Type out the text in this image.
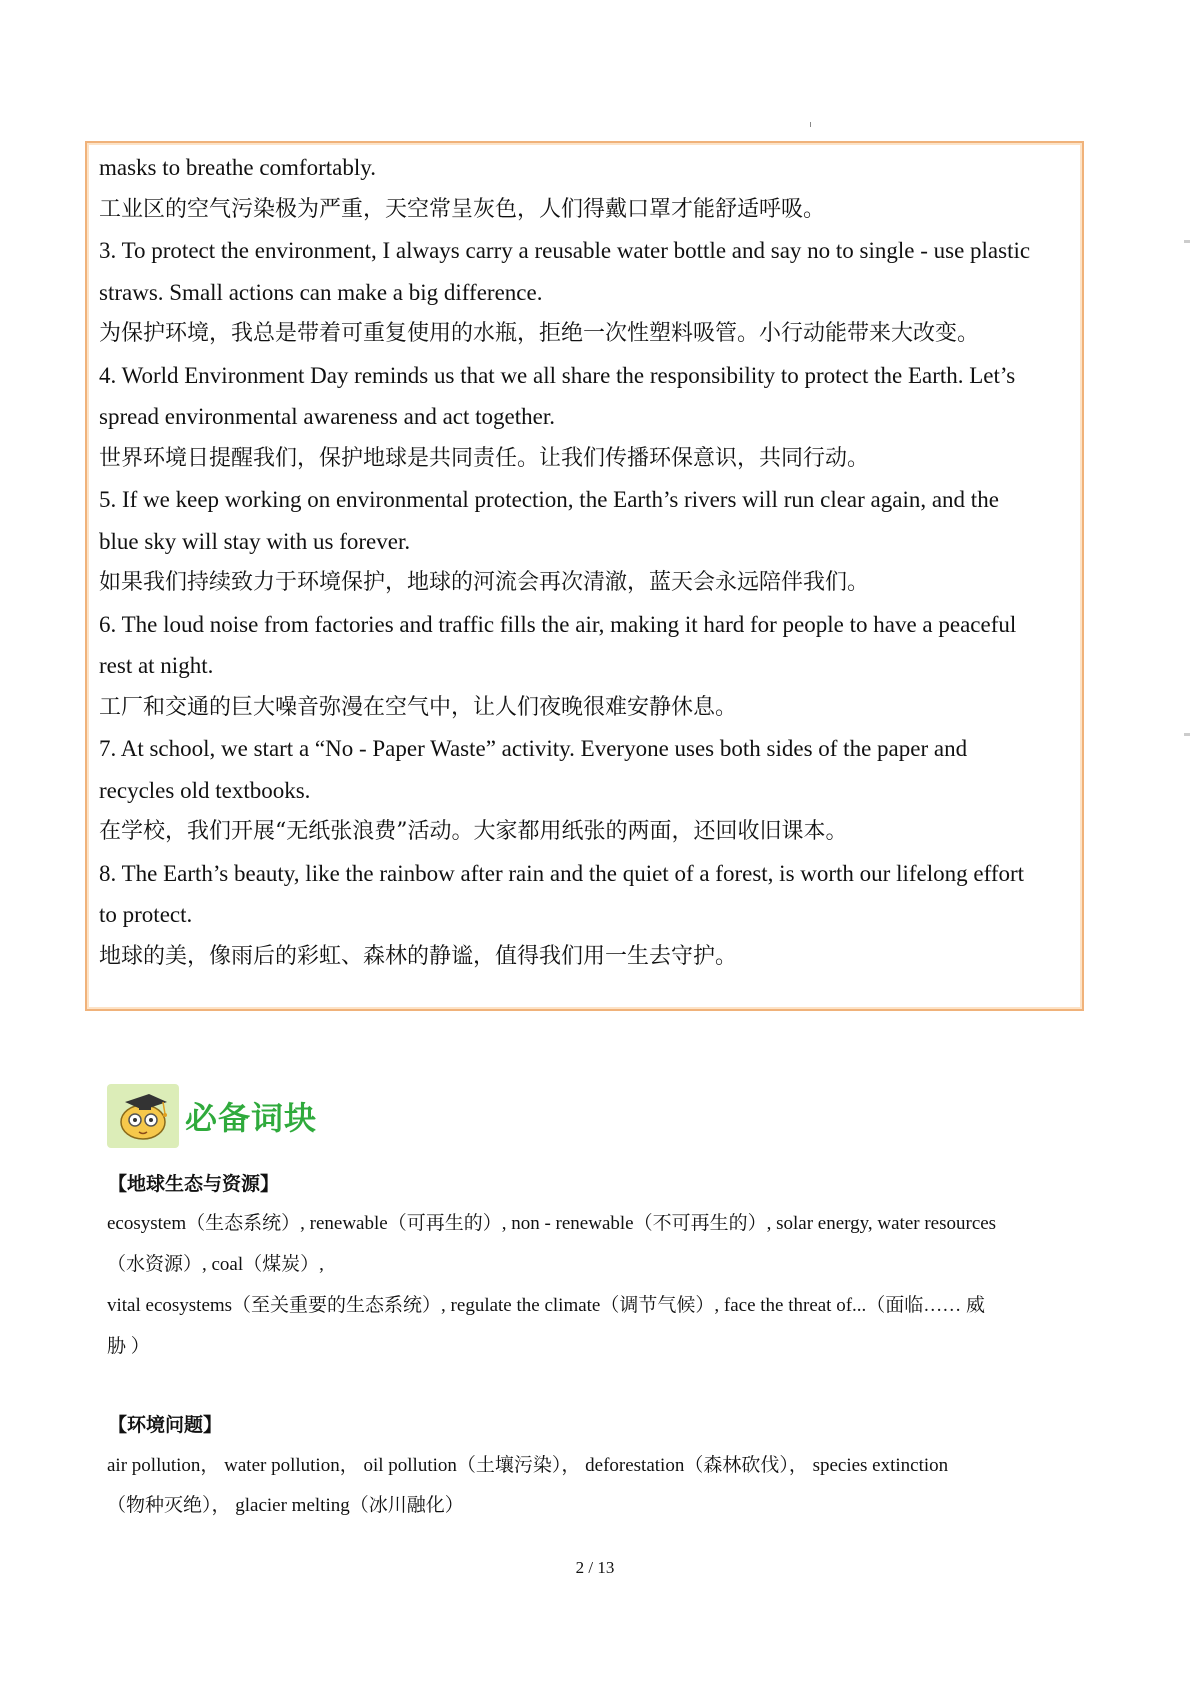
masks to breathe comfortably.
工业区的空气污染极为严重，天空常呈灰色，人们得戴口罩才能舒适呼吸。
3. To protect the environment, I always carry a reusable water bottle and say no to single - use plastic
straws. Small actions can make a big difference.
为保护环境，我总是带着可重复使用的水瓶，拒绝一次性塑料吸管。小行动能带来大改变。
4. World Environment Day reminds us that we all share the responsibility to protect the Earth. Let’s
spread environmental awareness and act together.
世界环境日提醒我们，保护地球是共同责任。让我们传播环保意识，共同行动。
5. If we keep working on environmental protection, the Earth’s rivers will run clear again, and the
blue sky will stay with us forever.
如果我们持续致力于环境保护，地球的河流会再次清澈，蓝天会永远陪伴我们。
6. The loud noise from factories and traffic fills the air, making it hard for people to have a peaceful
rest at night.
工厂和交通的巨大噪音弥漫在空气中，让人们夜晚很难安静休息。
7. At school, we start a “No - Paper Waste” activity. Everyone uses both sides of the paper and
recycles old textbooks.
在学校，我们开展“无纸张浪费”活动。大家都用纸张的两面，还回收旧课本。
8. The Earth’s beauty, like the rainbow after rain and the quiet of a forest, is worth our lifelong effort
to protect.
地球的美，像雨后的彩虹、森林的静谧，值得我们用一生去守护。
必备词块
【地球生态与资源】
ecosystem（生态系统）, renewable（可再生的）, non - renewable（不可再生的）, solar energy, water resources
（水资源）, coal（煤炭）,
vital ecosystems（至关重要的生态系统）, regulate the climate（调节气候）, face the threat of...（面临…… 威
胁 ）
【环境问题】
air pollution， water pollution， oil pollution（土壤污染）， deforestation（森林砍伐）， species extinction
（物种灭绝）， glacier melting（冰川融化）
2 / 13
